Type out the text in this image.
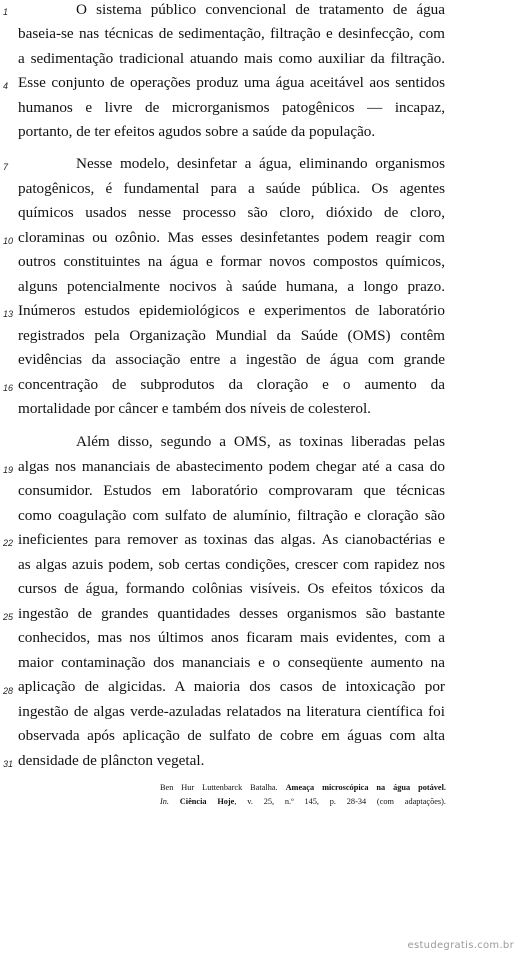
1
4
7
10
13
16
19
22
25
28
31
O sistema público convencional de tratamento de água
baseia-se nas técnicas de sedimentação, filtração e desinfecção, com
a sedimentação tradicional atuando mais como auxiliar da filtração.
Esse conjunto de operações produz uma água aceitável aos sentidos
humanos e livre de microrganismos patogênicos — incapaz,
portanto, de ter efeitos agudos sobre a saúde da população.
Nesse modelo, desinfetar a água, eliminando organismos
patogênicos, é fundamental para a saúde pública. Os agentes
químicos usados nesse processo são cloro, dióxido de cloro,
cloraminas ou ozônio. Mas esses desinfetantes podem reagir com
outros constituintes na água e formar novos compostos químicos,
alguns potencialmente nocivos à saúde humana, a longo prazo.
Inúmeros estudos epidemiológicos e experimentos de laboratório
registrados pela Organização Mundial da Saúde (OMS) contêm
evidências da associação entre a ingestão de água com grande
concentração de subprodutos da cloração e o aumento da
mortalidade por câncer e também dos níveis de colesterol.
Além disso, segundo a OMS, as toxinas liberadas pelas
algas nos mananciais de abastecimento podem chegar até a casa do
consumidor. Estudos em laboratório comprovaram que técnicas
como coagulação com sulfato de alumínio, filtração e cloração são
ineficientes para remover as toxinas das algas. As cianobactérias e
as algas azuis podem, sob certas condições, crescer com rapidez nos
cursos de água, formando colônias visíveis. Os efeitos tóxicos da
ingestão de grandes quantidades desses organismos são bastante
conhecidos, mas nos últimos anos ficaram mais evidentes, com a
maior contaminação dos mananciais e o conseqüente aumento na
aplicação de algicidas. A maioria dos casos de intoxicação por
ingestão de algas verde-azuladas relatados na literatura científica foi
observada após aplicação de sulfato de cobre em águas com alta
densidade de plâncton vegetal.
Ben Hur Luttenbarck Batalha. Ameaça microscópica na água potável.
In. Ciência Hoje, v. 25, n.º 145, p. 28-34 (com adaptações).
estudegratis.com.br
